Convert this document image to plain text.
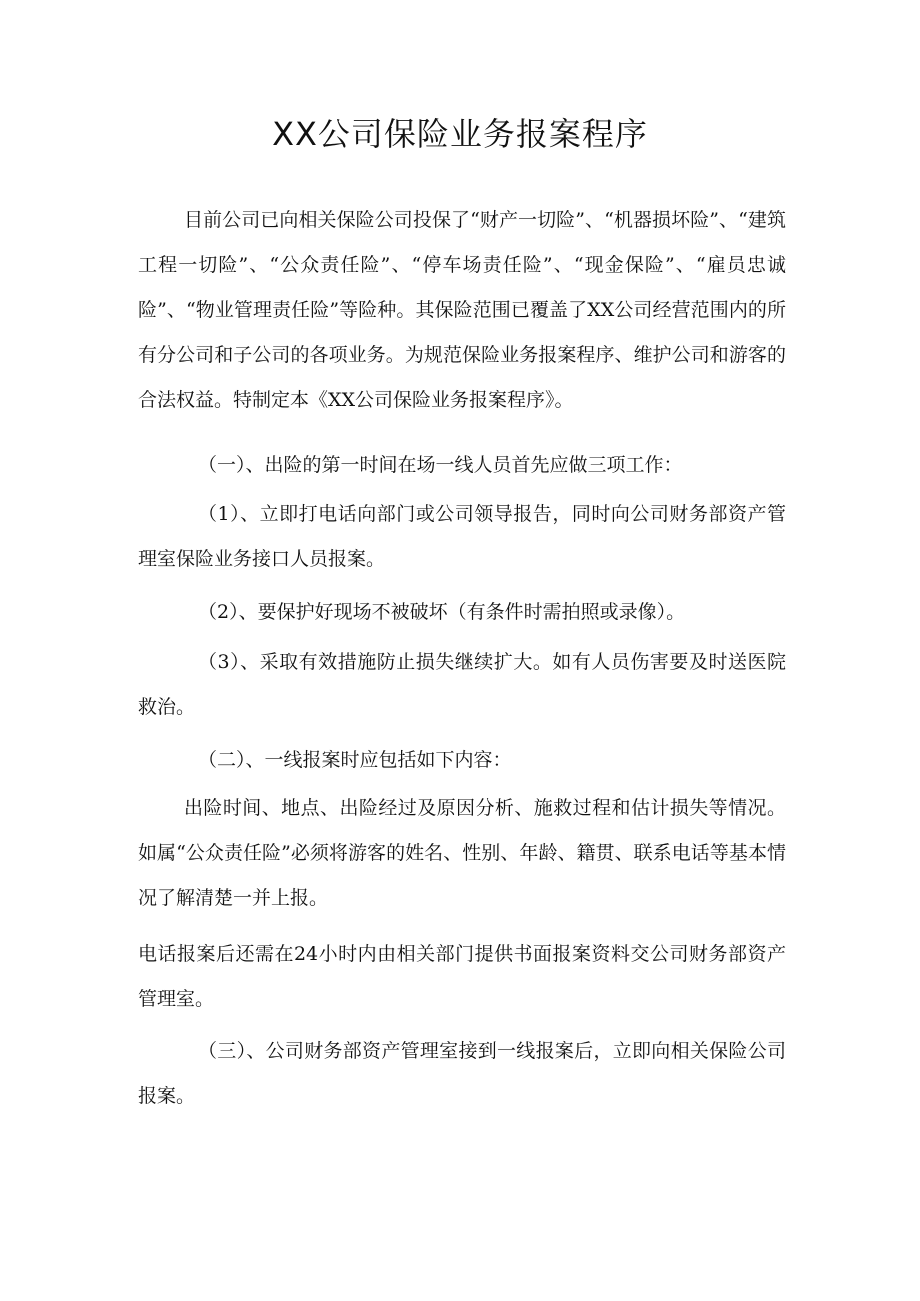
XX公司保险业务报案程序

目前公司已向相关保险公司投保了“财产一切险”、“机器损坏险”、“建筑工程一切险”、“公众责任险”、“停车场责任险”、“现金保险”、“雇员忠诚险”、“物业管理责任险”等险种。其保险范围已覆盖了XX公司经营范围内的所有分公司和子公司的各项业务。为规范保险业务报案程序、维护公司和游客的合法权益。特制定本《XX公司保险业务报案程序》。

（一）、出险的第一时间在场一线人员首先应做三项工作：

（1）、立即打电话向部门或公司领导报告，同时向公司财务部资产管理室保险业务接口人员报案。

（2）、要保护好现场不被破坏（有条件时需拍照或录像）。

（3）、采取有效措施防止损失继续扩大。如有人员伤害要及时送医院救治。

（二）、一线报案时应包括如下内容：

出险时间、地点、出险经过及原因分析、施救过程和估计损失等情况。如属“公众责任险”必须将游客的姓名、性别、年龄、籍贯、联系电话等基本情况了解清楚一并上报。

电话报案后还需在24小时内由相关部门提供书面报案资料交公司财务部资产管理室。

（三）、公司财务部资产管理室接到一线报案后，立即向相关保险公司报案。
